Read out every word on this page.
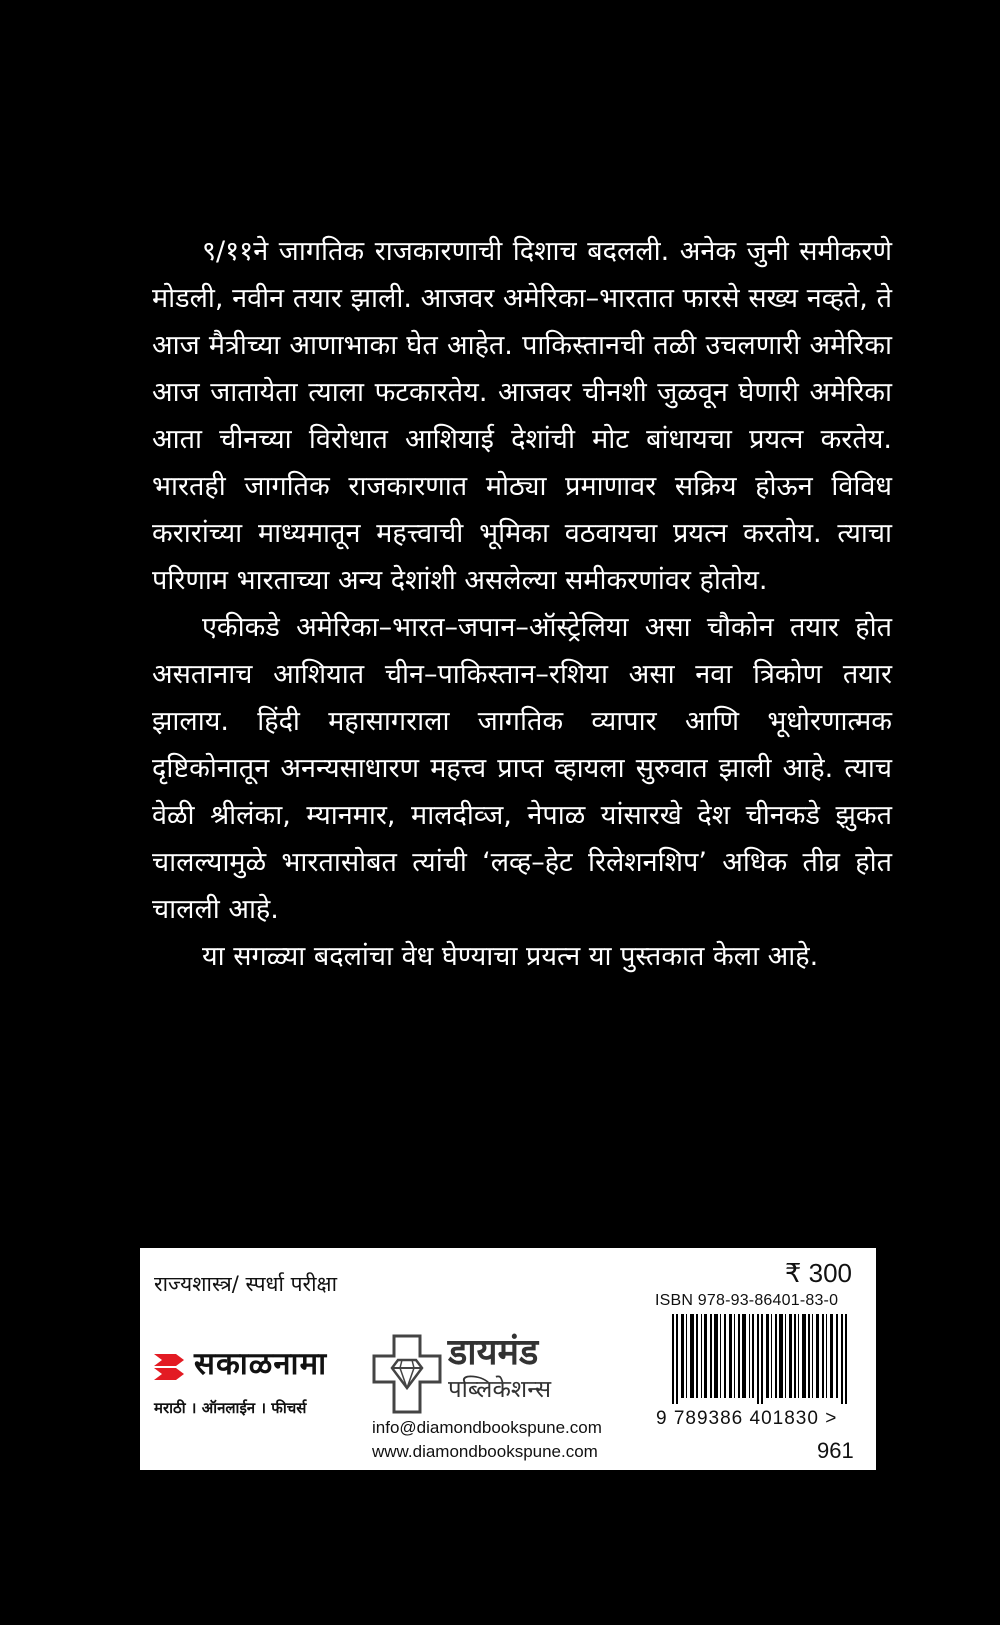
९/११ने जागतिक राजकारणाची दिशाच बदलली. अनेक जुनी समीकरणे मोडली, नवीन तयार झाली. आजवर अमेरिका–भारतात फारसे सख्य नव्हते, ते आज मैत्रीच्या आणाभाका घेत आहेत. पाकिस्तानची तळी उचलणारी अमेरिका आज जातायेता त्याला फटकारतेय. आजवर चीनशी जुळवून घेणारी अमेरिका आता चीनच्या विरोधात आशियाई देशांची मोट बांधायचा प्रयत्न करतेय. भारतही जागतिक राजकारणात मोठ्या प्रमाणावर सक्रिय होऊन विविध करारांच्या माध्यमातून महत्त्वाची भूमिका वठवायचा प्रयत्न करतोय. त्याचा परिणाम भारताच्या अन्य देशांशी असलेल्या समीकरणांवर होतोय.

एकीकडे अमेरिका–भारत–जपान–ऑस्ट्रेलिया असा चौकोन तयार होत असतानाच आशियात चीन–पाकिस्तान–रशिया असा नवा त्रिकोण तयार झालाय. हिंदी महासागराला जागतिक व्यापार आणि भूधोरणात्मक दृष्टिकोनातून अनन्यसाधारण महत्त्व प्राप्त व्हायला सुरुवात झाली आहे. त्याच वेळी श्रीलंका, म्यानमार, मालदीव्ज, नेपाळ यांसारखे देश चीनकडे झुकत चालल्यामुळे भारतासोबत त्यांची ‘लव्ह–हेट रिलेशनशिप’ अधिक तीव्र होत चालली आहे.

या सगळ्या बदलांचा वेध घेण्याचा प्रयत्न या पुस्तकात केला आहे.

राज्यशास्त्र/ स्पर्धा परीक्षा	₹ 300
ISBN 978-93-86401-83-0
9 789386 401830 >
961
सकाळनामा
मराठी । ऑनलाईन । फीचर्स
डायमंड
पब्लिकेशन्स
info@diamondbookspune.com
www.diamondbookspune.com
